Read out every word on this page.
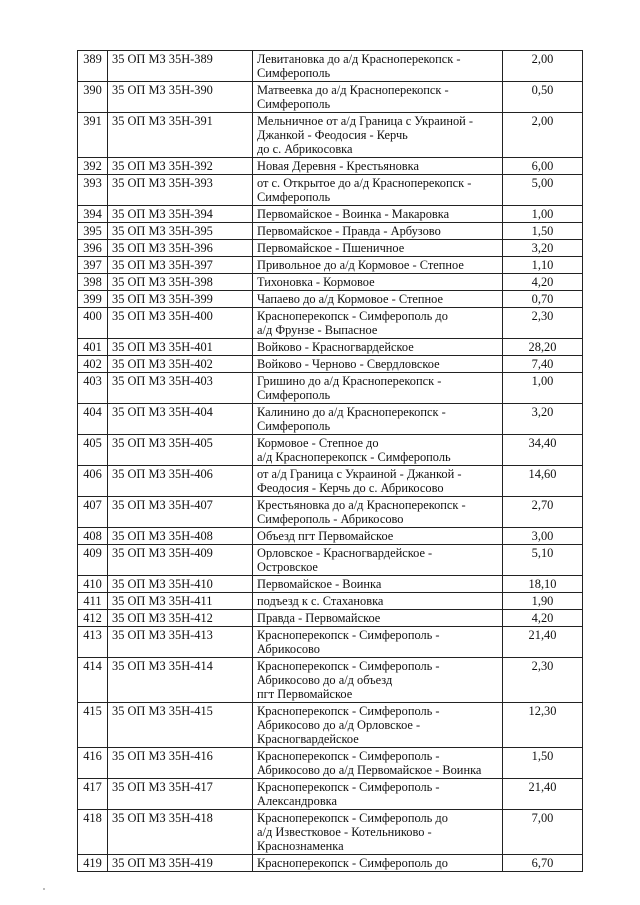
389	35 ОП МЗ 35Н-389	Левитановка до а/д Красноперекопск -
Симферополь	2,00
390	35 ОП МЗ 35Н-390	Матвеевка до а/д Красноперекопск -
Симферополь	0,50
391	35 ОП МЗ 35Н-391	Мельничное от а/д Граница с Украиной -
Джанкой - Феодосия - Керчь
до с. Абрикосовка	2,00
392	35 ОП МЗ 35Н-392	Новая Деревня - Крестьяновка	6,00
393	35 ОП МЗ 35Н-393	от с. Открытое до а/д Красноперекопск -
Симферополь	5,00
394	35 ОП МЗ 35Н-394	Первомайское - Воинка - Макаровка	1,00
395	35 ОП МЗ 35Н-395	Первомайское - Правда - Арбузово	1,50
396	35 ОП МЗ 35Н-396	Первомайское - Пшеничное	3,20
397	35 ОП МЗ 35Н-397	Привольное до а/д Кормовое - Степное	1,10
398	35 ОП МЗ 35Н-398	Тихоновка - Кормовое	4,20
399	35 ОП МЗ 35Н-399	Чапаево до а/д Кормовое - Степное	0,70
400	35 ОП МЗ 35Н-400	Красноперекопск - Симферополь до
а/д Фрунзе - Выпасное	2,30
401	35 ОП МЗ 35Н-401	Войково - Красногвардейское	28,20
402	35 ОП МЗ 35Н-402	Войково - Черново - Свердловское	7,40
403	35 ОП МЗ 35Н-403	Гришино до а/д Красноперекопск -
Симферополь	1,00
404	35 ОП МЗ 35Н-404	Калинино до а/д Красноперекопск -
Симферополь	3,20
405	35 ОП МЗ 35Н-405	Кормовое - Степное до
а/д Красноперекопск - Симферополь	34,40
406	35 ОП МЗ 35Н-406	от а/д Граница с Украиной - Джанкой -
Феодосия - Керчь до с. Абрикосово	14,60
407	35 ОП МЗ 35Н-407	Крестьяновка до а/д Красноперекопск -
Симферополь - Абрикосово	2,70
408	35 ОП МЗ 35Н-408	Объезд пгт Первомайское	3,00
409	35 ОП МЗ 35Н-409	Орловское - Красногвардейское -
Островское	5,10
410	35 ОП МЗ 35Н-410	Первомайское - Воинка	18,10
411	35 ОП МЗ 35Н-411	подъезд к с. Стахановка	1,90
412	35 ОП МЗ 35Н-412	Правда - Первомайское	4,20
413	35 ОП МЗ 35Н-413	Красноперекопск - Симферополь -
Абрикосово	21,40
414	35 ОП МЗ 35Н-414	Красноперекопск - Симферополь -
Абрикосово до а/д объезд
пгт Первомайское	2,30
415	35 ОП МЗ 35Н-415	Красноперекопск - Симферополь -
Абрикосово до а/д Орловское -
Красногвардейское	12,30
416	35 ОП МЗ 35Н-416	Красноперекопск - Симферополь -
Абрикосово до а/д Первомайское - Воинка	1,50
417	35 ОП МЗ 35Н-417	Красноперекопск - Симферополь -
Александровка	21,40
418	35 ОП МЗ 35Н-418	Красноперекопск - Симферополь до
а/д Известковое - Котельниково -
Краснознаменка	7,00
419	35 ОП МЗ 35Н-419	Красноперекопск - Симферополь до	6,70
